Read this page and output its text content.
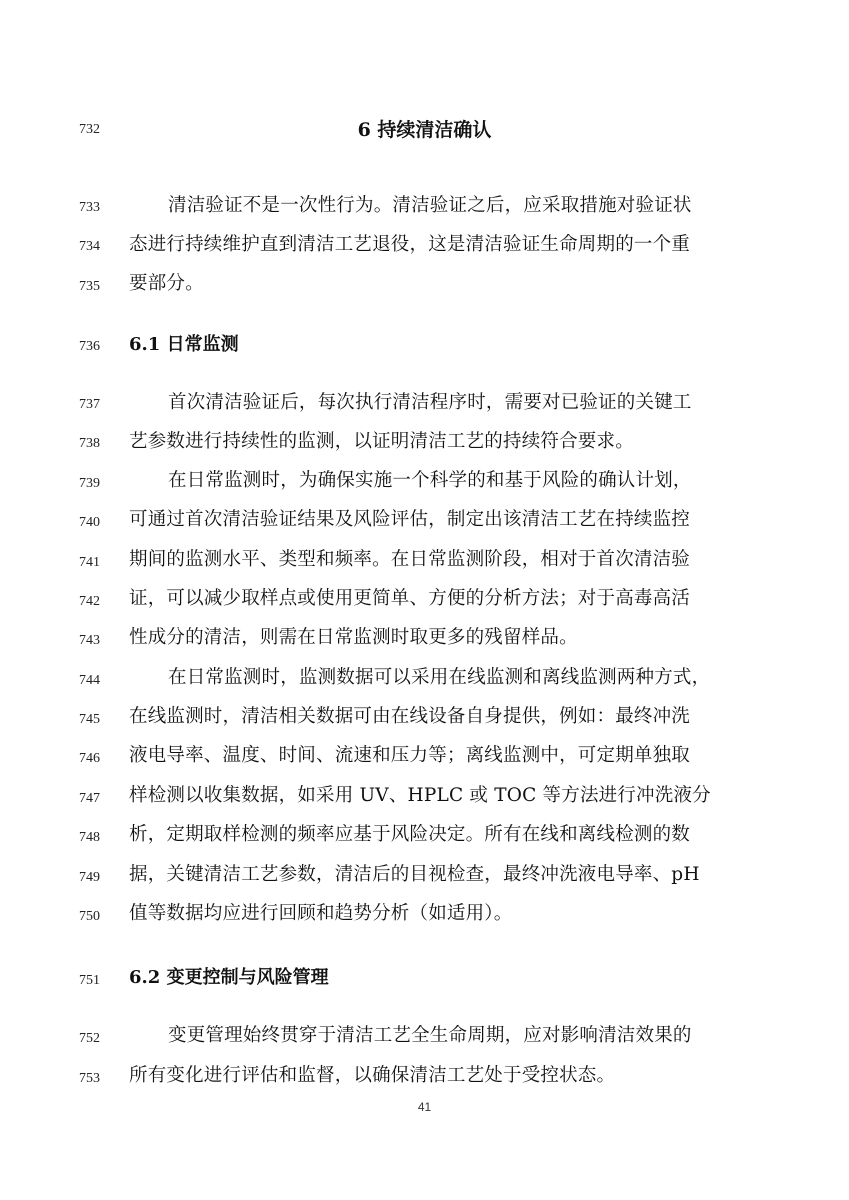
732	6 持续清洁确认
733	清洁验证不是一次性行为。清洁验证之后，应采取措施对验证状
734 态进行持续维护直到清洁工艺退役，这是清洁验证生命周期的一个重
735 要部分。
736 6.1 日常监测
737	首次清洁验证后，每次执行清洁程序时，需要对已验证的关键工
738 艺参数进行持续性的监测，以证明清洁工艺的持续符合要求。
739	在日常监测时，为确保实施一个科学的和基于风险的确认计划，
740 可通过首次清洁验证结果及风险评估，制定出该清洁工艺在持续监控
741 期间的监测水平、类型和频率。在日常监测阶段，相对于首次清洁验
742 证，可以减少取样点或使用更简单、方便的分析方法；对于高毒高活
743 性成分的清洁，则需在日常监测时取更多的残留样品。
744	在日常监测时，监测数据可以采用在线监测和离线监测两种方式，
745 在线监测时，清洁相关数据可由在线设备自身提供，例如：最终冲洗
746 液电导率、温度、时间、流速和压力等；离线监测中，可定期单独取
747 样检测以收集数据，如采用 UV、HPLC 或 TOC 等方法进行冲洗液分
748 析，定期取样检测的频率应基于风险决定。所有在线和离线检测的数
749 据，关键清洁工艺参数，清洁后的目视检查，最终冲洗液电导率、pH
750 值等数据均应进行回顾和趋势分析（如适用）。
751 6.2 变更控制与风险管理
752	变更管理始终贯穿于清洁工艺全生命周期，应对影响清洁效果的
753 所有变化进行评估和监督，以确保清洁工艺处于受控状态。
41
